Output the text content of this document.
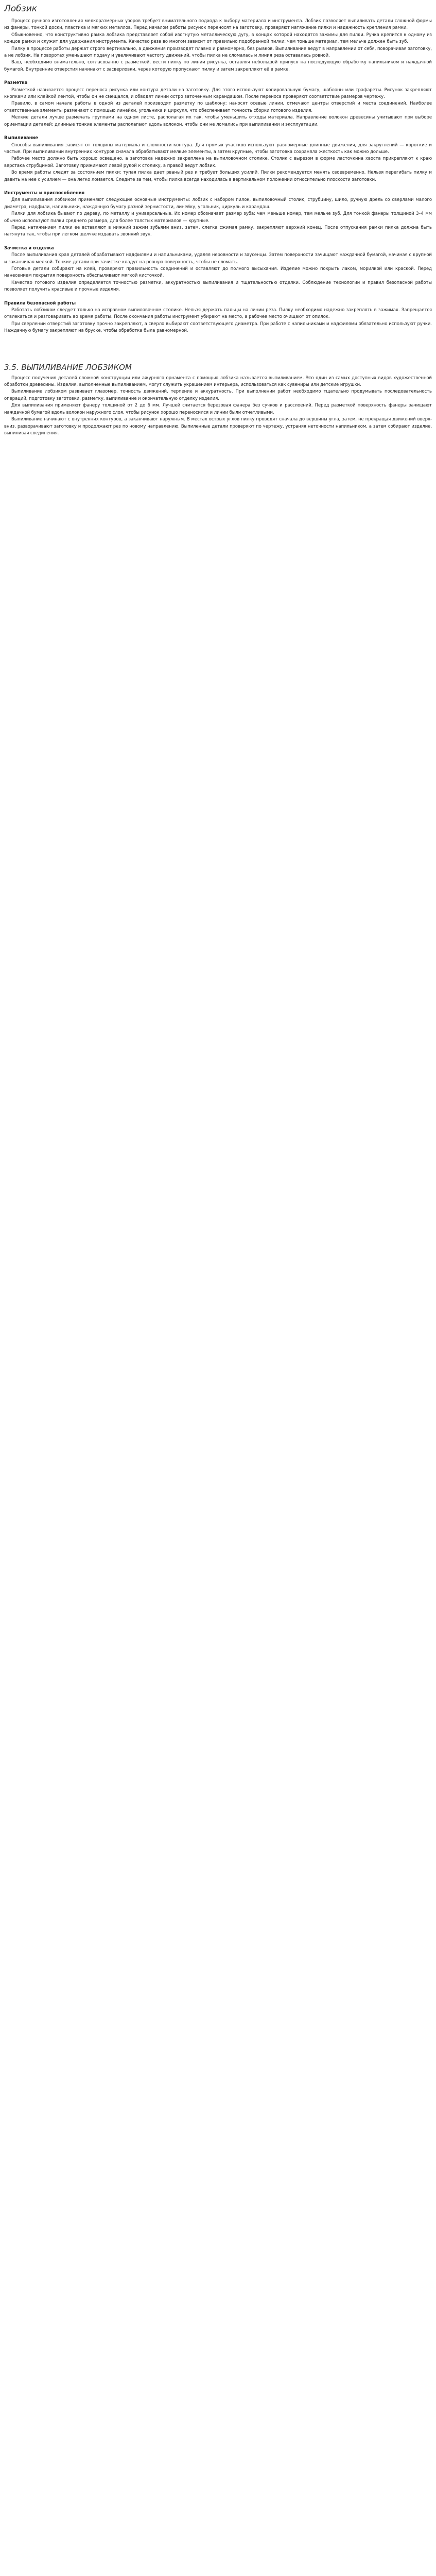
Лобзик

Процесс ручного изготовления мелкоразмерных узоров требует внимательного подхода к выбору материала и инструмента. Лобзик позволяет выпиливать детали сложной формы из фанеры, тонкой доски, пластика и мягких металлов. Перед началом работы рисунок переносят на заготовку, проверяют натяжение пилки и надежность крепления рамки.

Обыкновенно, что конструктивно рамка лобзика представляет собой изогнутую металлическую дугу, в концах которой находятся зажимы для пилки. Ручка крепится к одному из концов рамки и служит для удержания инструмента. Качество реза во многом зависит от правильно подобранной пилки: чем тоньше материал, тем мельче должен быть зуб.

Пилку в процессе работы держат строго вертикально, а движения производят плавно и равномерно, без рывков. Выпиливание ведут в направлении от себя, поворачивая заготовку, а не лобзик. На поворотах уменьшают подачу и увеличивают частоту движений, чтобы пилка не сломалась и линия реза оставалась ровной.

Ваш, необходимо внимательно, согласованно с разметкой, вести пилку по линии рисунка, оставляя небольшой припуск на последующую обработку напильником и наждачной бумагой. Внутренние отверстия начинают с засверловки, через которую пропускают пилку и затем закрепляют её в рамке.

Разметка

Разметкой называется процесс переноса рисунка или контура детали на заготовку. Для этого используют копировальную бумагу, шаблоны или трафареты. Рисунок закрепляют кнопками или клейкой лентой, чтобы он не смещался, и обводят линии остро заточенным карандашом. После переноса проверяют соответствие размеров чертежу.

Правило, в самом начале работы в одной из деталей производят разметку по шаблону: наносят осевые линии, отмечают центры отверстий и места соединений. Наиболее ответственные элементы размечают с помощью линейки, угольника и циркуля, что обеспечивает точность сборки готового изделия.

Мелкие детали лучше размечать группами на одном листе, располагая их так, чтобы уменьшить отходы материала. Направление волокон древесины учитывают при выборе ориентации деталей: длинные тонкие элементы располагают вдоль волокон, чтобы они не ломались при выпиливании и эксплуатации.

Выпиливание

Способы выпиливания зависят от толщины материала и сложности контура. Для прямых участков используют равномерные длинные движения, для закруглений — короткие и частые. При выпиливании внутренних контуров сначала обрабатывают мелкие элементы, а затем крупные, чтобы заготовка сохраняла жесткость как можно дольше.

Рабочее место должно быть хорошо освещено, а заготовка надежно закреплена на выпиловочном столике. Столик с вырезом в форме ласточкина хвоста прикрепляют к краю верстака струбциной. Заготовку прижимают левой рукой к столику, а правой ведут лобзик.

Во время работы следят за состоянием пилки: тупая пилка дает рваный рез и требует больших усилий. Пилки рекомендуется менять своевременно. Нельзя перегибать пилку и давить на нее с усилием — она легко ломается. Следите за тем, чтобы пилка всегда находилась в вертикальном положении относительно плоскости заготовки.

Инструменты и приспособления

Для выпиливания лобзиком применяют следующие основные инструменты: лобзик с набором пилок, выпиловочный столик, струбцину, шило, ручную дрель со сверлами малого диаметра, надфили, напильники, наждачную бумагу разной зернистости, линейку, угольник, циркуль и карандаш.

Пилки для лобзика бывают по дереву, по металлу и универсальные. Их номер обозначает размер зуба: чем меньше номер, тем мельче зуб. Для тонкой фанеры толщиной 3–4 мм обычно используют пилки среднего размера, для более толстых материалов — крупные.

Перед натяжением пилки ее вставляют в нижний зажим зубьями вниз, затем, слегка сжимая рамку, закрепляют верхний конец. После отпускания рамки пилка должна быть натянута так, чтобы при легком щелчке издавать звонкий звук.

Зачистка и отделка

После выпиливания края деталей обрабатывают надфилями и напильниками, удаляя неровности и заусенцы. Затем поверхности зачищают наждачной бумагой, начиная с крупной и заканчивая мелкой. Тонкие детали при зачистке кладут на ровную поверхность, чтобы не сломать.

Готовые детали собирают на клей, проверяют правильность соединений и оставляют до полного высыхания. Изделие можно покрыть лаком, морилкой или краской. Перед нанесением покрытия поверхность обеспыливают мягкой кисточкой.

Качество готового изделия определяется точностью разметки, аккуратностью выпиливания и тщательностью отделки. Соблюдение технологии и правил безопасной работы позволяет получить красивые и прочные изделия.

Правила безопасной работы

Работать лобзиком следует только на исправном выпиловочном столике. Нельзя держать пальцы на линии реза. Пилку необходимо надежно закреплять в зажимах. Запрещается отвлекаться и разговаривать во время работы. После окончания работы инструмент убирают на место, а рабочее место очищают от опилок.

При сверлении отверстий заготовку прочно закрепляют, а сверло выбирают соответствующего диаметра. При работе с напильниками и надфилями обязательно используют ручки. Наждачную бумагу закрепляют на бруске, чтобы обработка была равномерной.

3.5. ВЫПИЛИВАНИЕ ЛОБЗИКОМ

Процесс получения деталей сложной конструкции или ажурного орнамента с помощью лобзика называется выпиливанием. Это один из самых доступных видов художественной обработки древесины. Изделия, выполненные выпиливанием, могут служить украшением интерьера, использоваться как сувениры или детские игрушки.

Выпиливание лобзиком развивает глазомер, точность движений, терпение и аккуратность. При выполнении работ необходимо тщательно продумывать последовательность операций, подготовку заготовки, разметку, выпиливание и окончательную отделку изделия.

Для выпиливания применяют фанеру толщиной от 2 до 6 мм. Лучшей считается березовая фанера без сучков и расслоений. Перед разметкой поверхность фанеры зачищают наждачной бумагой вдоль волокон наружного слоя, чтобы рисунок хорошо переносился и линии были отчетливыми.

Выпиливание начинают с внутренних контуров, а заканчивают наружным. В местах острых углов пилку проводят сначала до вершины угла, затем, не прекращая движений вверх-вниз, разворачивают заготовку и продолжают рез по новому направлению. Выпиленные детали проверяют по чертежу, устраняя неточности напильником, а затем собирают изделие, выпиливая соединения.
